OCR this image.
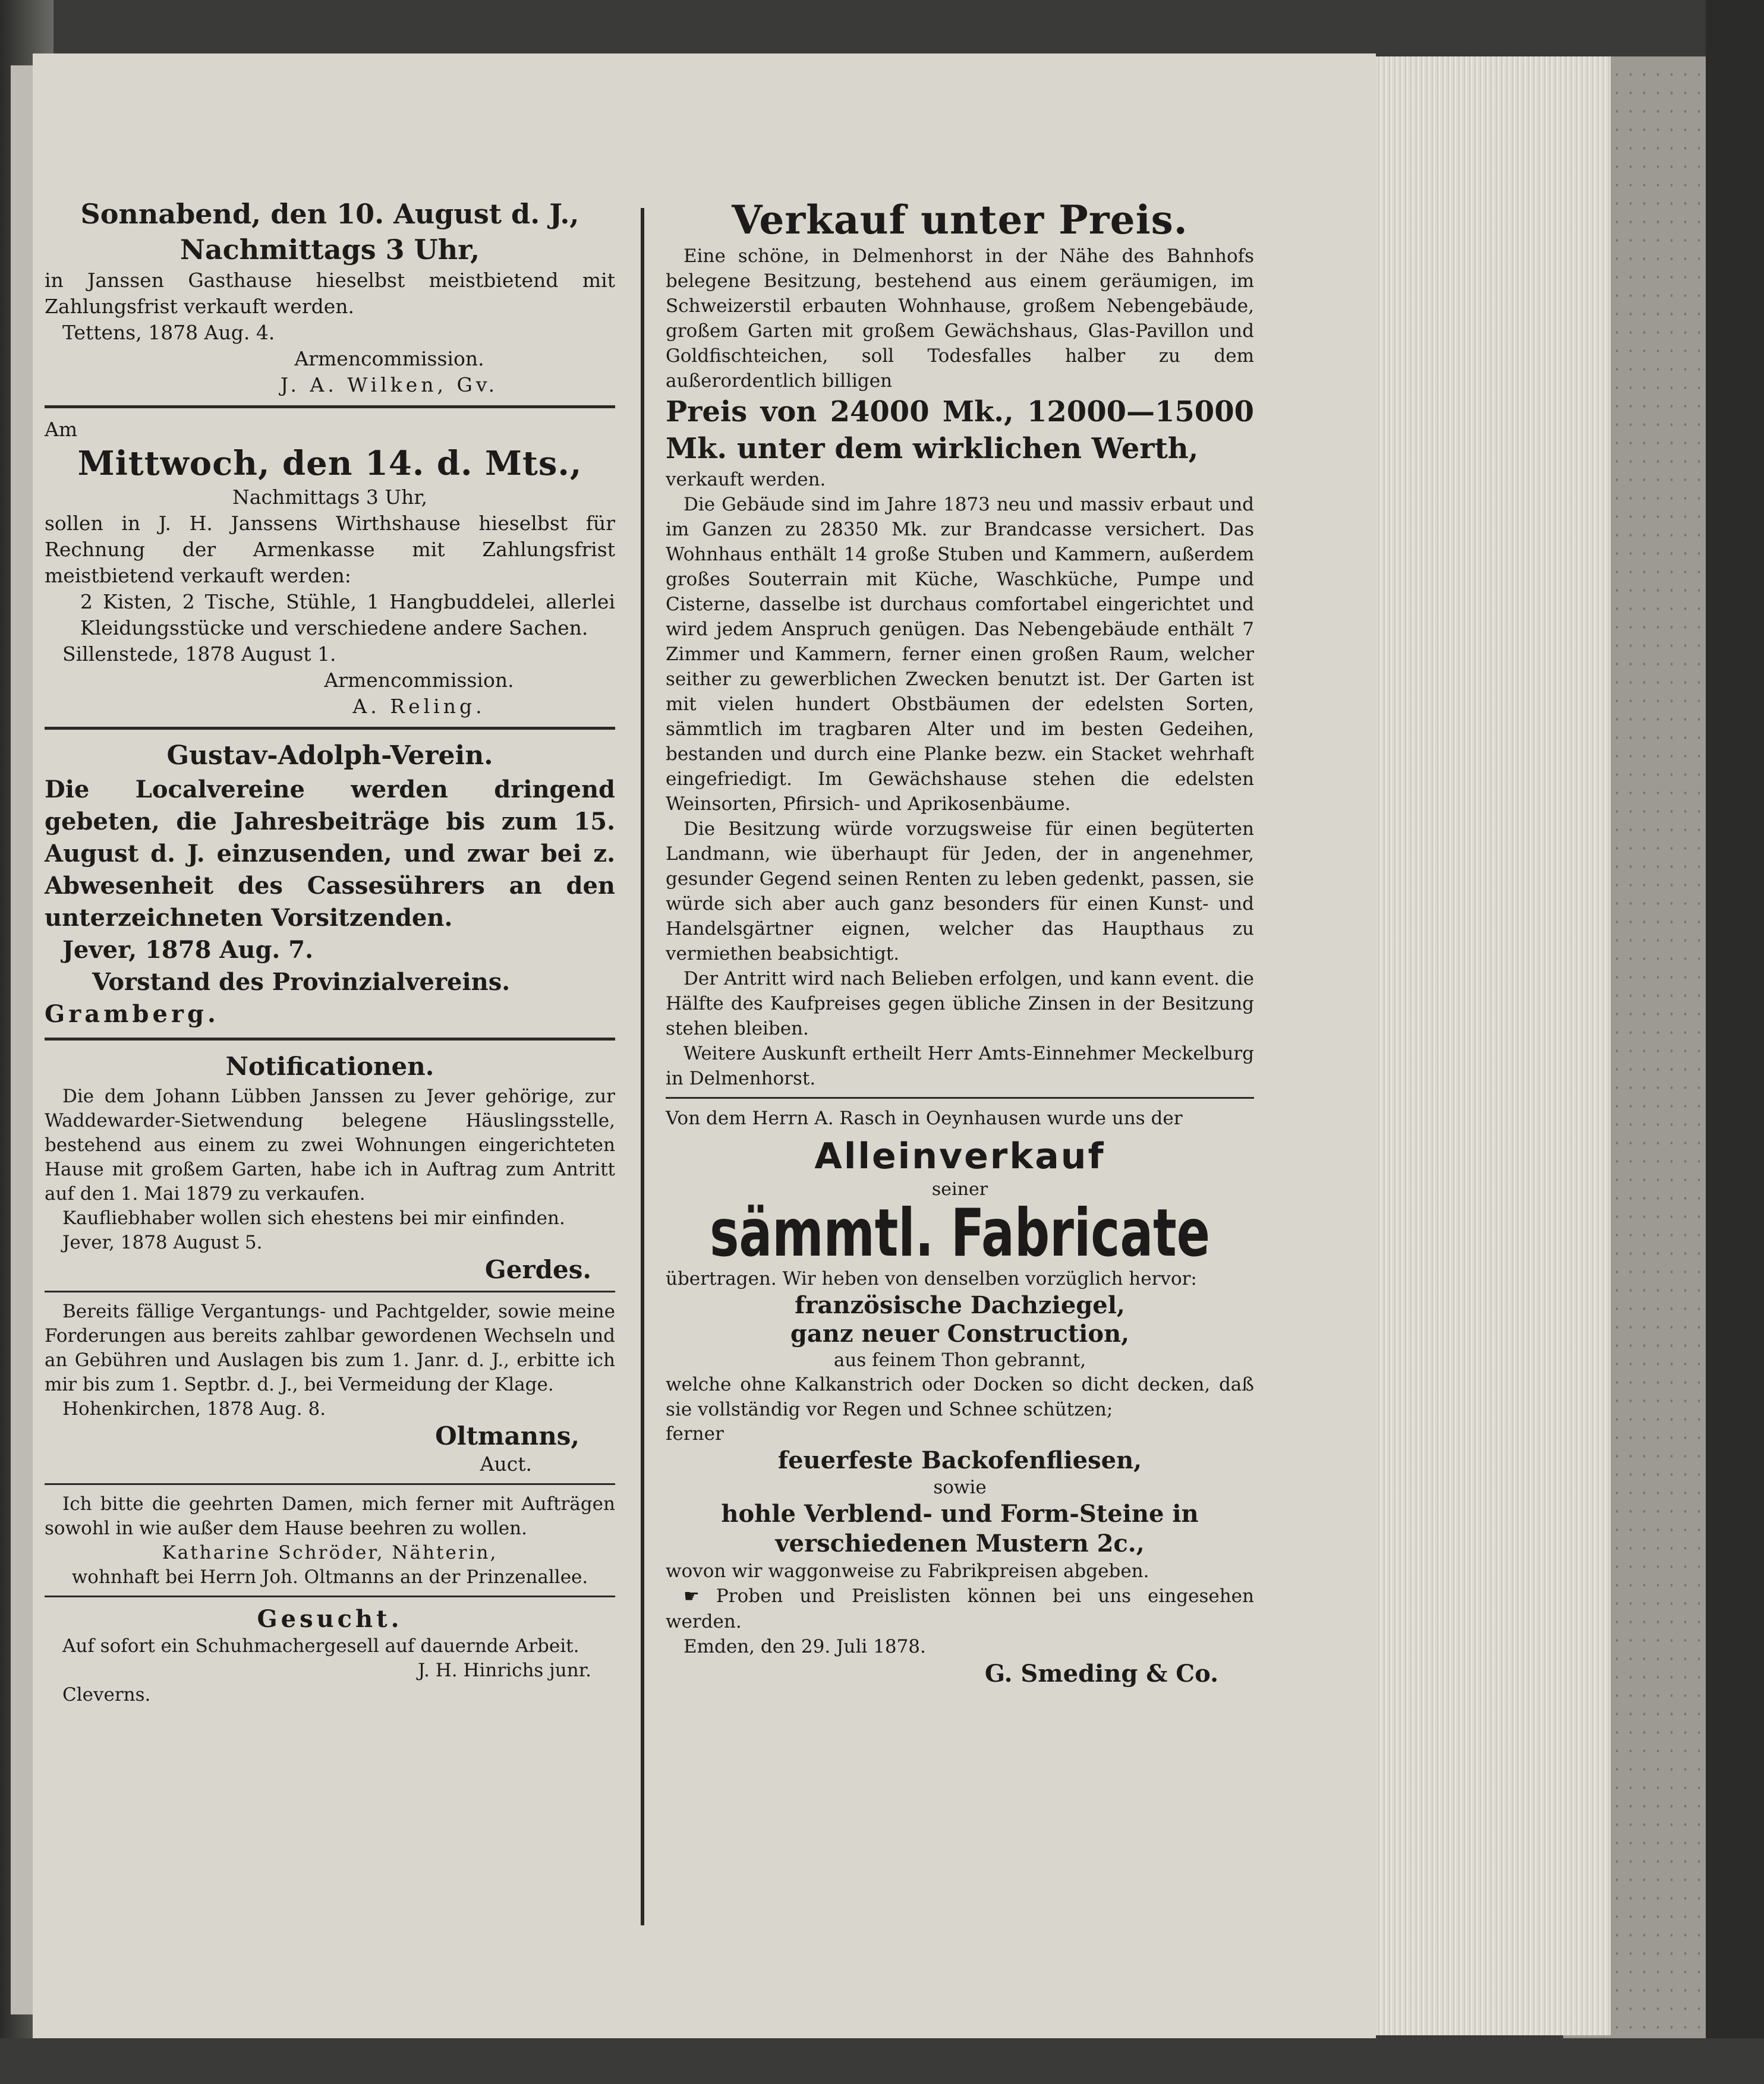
Sonnabend, den 10. August d. J.,

Nachmittags 3 Uhr,

in Janssen Gasthause hieselbst meistbietend mit Zahlungsfrist verkauft werden.

Tettens, 1878 Aug. 4.

Armencommission.

J. A. Wilken, Gv.

Am

Mittwoch, den 14. d. Mts.,

Nachmittags 3 Uhr,

sollen in J. H. Janssens Wirthshause hieselbst für Rechnung der Armenkasse mit Zahlungsfrist meistbietend verkauft werden:

2 Kisten, 2 Tische, Stühle, 1 Hangbuddelei, allerlei Kleidungsstücke und verschiedene andere Sachen.

Sillenstede, 1878 August 1.

Armencommission.

A. Reling.

Gustav-Adolph-Verein.

Die Localvereine werden dringend gebeten, die Jahresbeiträge bis zum 15. August d. J. einzusenden, und zwar bei z. Abwesenheit des Cassesührers an den unterzeichneten Vorsitzenden.

Jever, 1878 Aug. 7.

Vorstand des Provinzialvereins.

Gramberg.

Notificationen.

Die dem Johann Lübben Janssen zu Jever gehörige, zur Waddewarder-Sietwendung belegene Häuslingsstelle, bestehend aus einem zu zwei Wohnungen eingerichteten Hause mit großem Garten, habe ich in Auftrag zum Antritt auf den 1. Mai 1879 zu verkaufen.

Kaufliebhaber wollen sich ehestens bei mir einfinden.

Jever, 1878 August 5.

Gerdes.

Bereits fällige Vergantungs- und Pachtgelder, sowie meine Forderungen aus bereits zahlbar gewordenen Wechseln und an Gebühren und Auslagen bis zum 1. Janr. d. J., erbitte ich mir bis zum 1. Septbr. d. J., bei Vermeidung der Klage.

Hohenkirchen, 1878 Aug. 8.

Oltmanns,

Auct.

Ich bitte die geehrten Damen, mich ferner mit Aufträgen sowohl in wie außer dem Hause beehren zu wollen.

Katharine Schröder, Nähterin,

wohnhaft bei Herrn Joh. Oltmanns an der Prinzenallee.

Gesucht.

Auf sofort ein Schuhmachergesell auf dauernde Arbeit.

J. H. Hinrichs junr.

Cleverns.

Verkauf unter Preis.

Eine schöne, in Delmenhorst in der Nähe des Bahnhofs belegene Besitzung, bestehend aus einem geräumigen, im Schweizerstil erbauten Wohnhause, großem Nebengebäude, großem Garten mit großem Gewächshaus, Glas-Pavillon und Goldfischteichen, soll Todesfalles halber zu dem außerordentlich billigen

Preis von 24000 Mk., 12000—15000 Mk. unter dem wirklichen Werth,

verkauft werden.

Die Gebäude sind im Jahre 1873 neu und massiv erbaut und im Ganzen zu 28350 Mk. zur Brandcasse versichert. Das Wohnhaus enthält 14 große Stuben und Kammern, außerdem großes Souterrain mit Küche, Waschküche, Pumpe und Cisterne, dasselbe ist durchaus comfortabel eingerichtet und wird jedem Anspruch genügen. Das Nebengebäude enthält 7 Zimmer und Kammern, ferner einen großen Raum, welcher seither zu gewerblichen Zwecken benutzt ist. Der Garten ist mit vielen hundert Obstbäumen der edelsten Sorten, sämmtlich im tragbaren Alter und im besten Gedeihen, bestanden und durch eine Planke bezw. ein Stacket wehrhaft eingefriedigt. Im Gewächshause stehen die edelsten Weinsorten, Pfirsich- und Aprikosenbäume.

Die Besitzung würde vorzugsweise für einen begüterten Landmann, wie überhaupt für Jeden, der in angenehmer, gesunder Gegend seinen Renten zu leben gedenkt, passen, sie würde sich aber auch ganz besonders für einen Kunst- und Handelsgärtner eignen, welcher das Haupthaus zu vermiethen beabsichtigt.

Der Antritt wird nach Belieben erfolgen, und kann event. die Hälfte des Kaufpreises gegen übliche Zinsen in der Besitzung stehen bleiben.

Weitere Auskunft ertheilt Herr Amts-Einnehmer Meckelburg in Delmenhorst.

Von dem Herrn A. Rasch in Oeynhausen wurde uns der

Alleinverkauf

seiner

sämmtl. Fabricate

übertragen. Wir heben von denselben vorzüglich hervor:

französische Dachziegel,

ganz neuer Construction,

aus feinem Thon gebrannt,

welche ohne Kalkanstrich oder Docken so dicht decken, daß sie vollständig vor Regen und Schnee schützen;

ferner

feuerfeste Backofenfliesen,

sowie

hohle Verblend- und Form-Steine in verschiedenen Mustern 2c.,

wovon wir waggonweise zu Fabrikpreisen abgeben.

☛ Proben und Preislisten können bei uns eingesehen werden.

Emden, den 29. Juli 1878.

G. Smeding & Co.
